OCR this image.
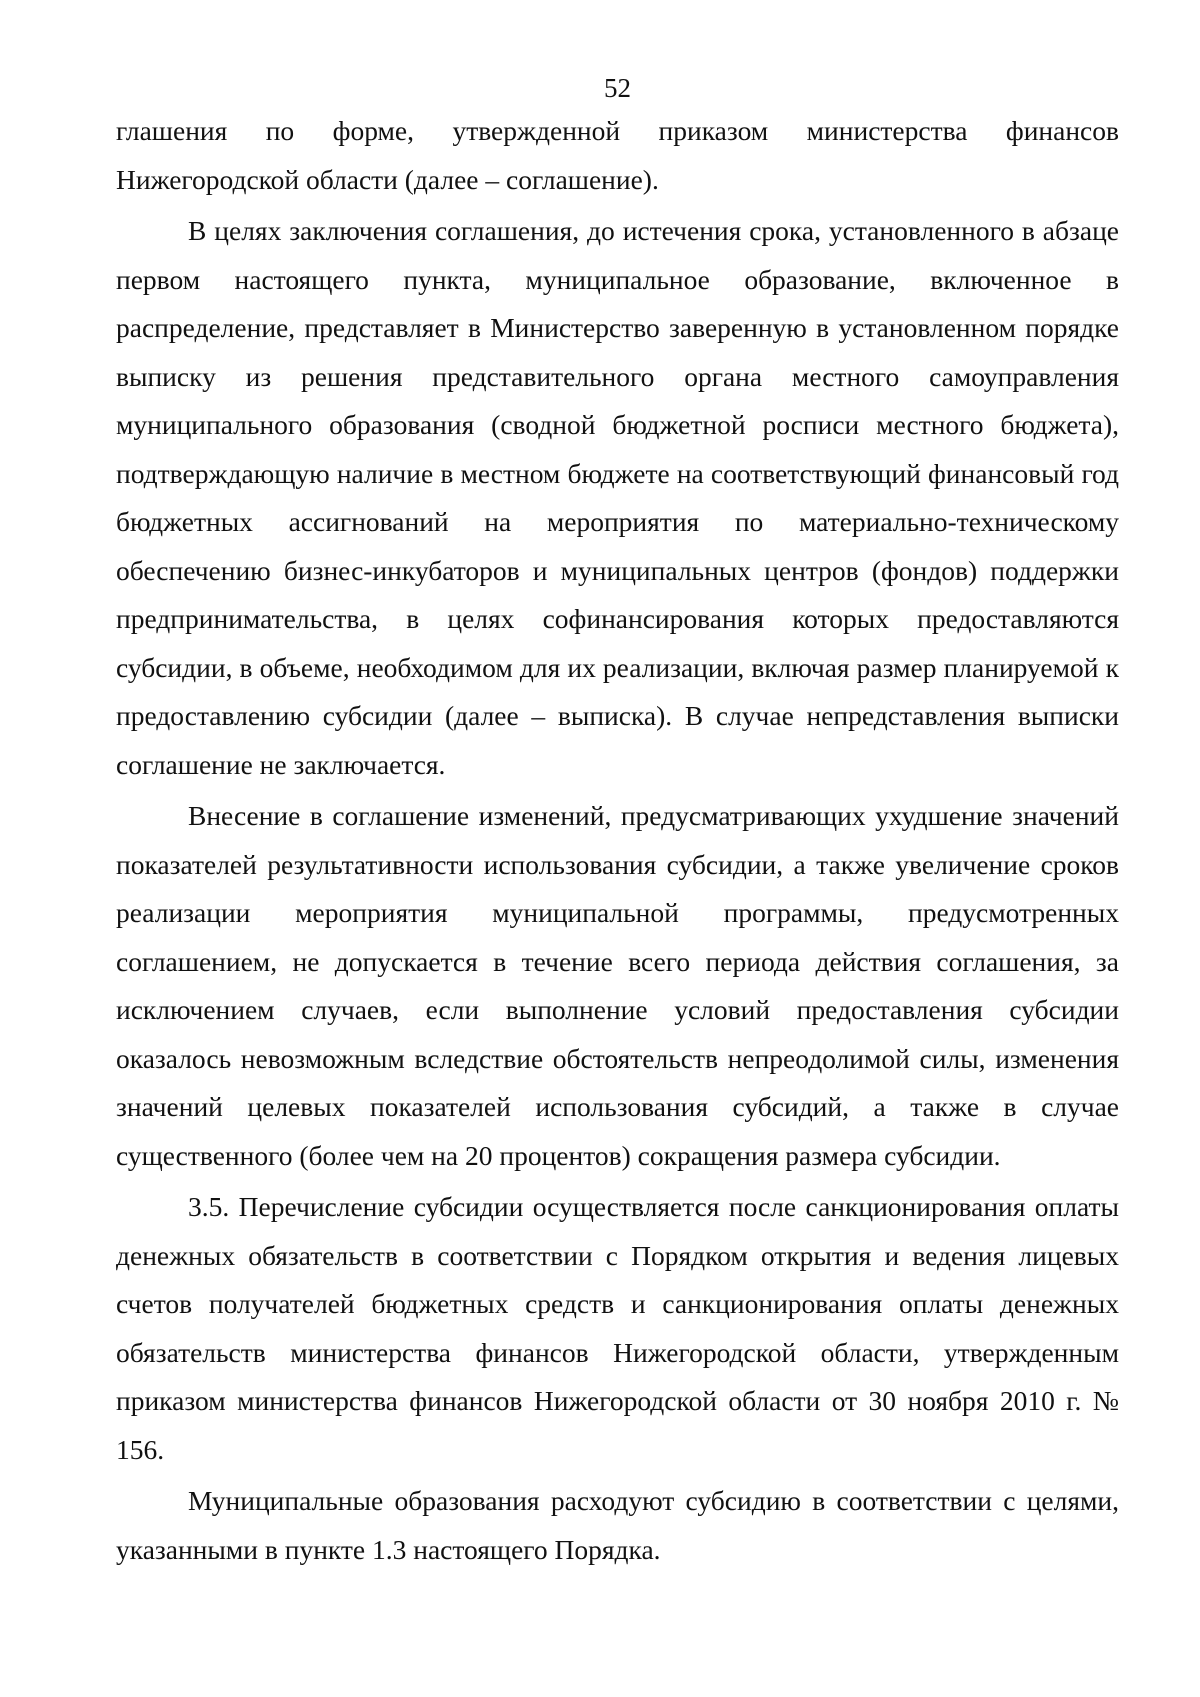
52

глашения по форме, утвержденной приказом министерства финансов Нижегородской области (далее – соглашение).

В целях заключения соглашения, до истечения срока, установленного в абзаце первом настоящего пункта, муниципальное образование, включенное в распределение, представляет в Министерство заверенную в установленном порядке выписку из решения представительного органа местного самоуправления муниципального образования (сводной бюджетной росписи местного бюджета), подтверждающую наличие в местном бюджете на соответствующий финансовый год бюджетных ассигнований на мероприятия по материально-техническому обеспечению бизнес-инкубаторов и муниципальных центров (фондов) поддержки предпринимательства, в целях софинансирования которых предоставляются субсидии, в объеме, необходимом для их реализации, включая размер планируемой к предоставлению субсидии (далее – выписка). В случае непредставления выписки соглашение не заключается.

Внесение в соглашение изменений, предусматривающих ухудшение значений показателей результативности использования субсидии, а также увеличение сроков реализации мероприятия муниципальной программы, предусмотренных соглашением, не допускается в течение всего периода действия соглашения, за исключением случаев, если выполнение условий предоставления субсидии оказалось невозможным вследствие обстоятельств непреодолимой силы, изменения значений целевых показателей использования субсидий, а также в случае существенного (более чем на 20 процентов) сокращения размера субсидии.

3.5. Перечисление субсидии осуществляется после санкционирования оплаты денежных обязательств в соответствии с Порядком открытия и ведения лицевых счетов получателей бюджетных средств и санкционирования оплаты денежных обязательств министерства финансов Нижегородской области, утвержденным приказом министерства финансов Нижегородской области от 30 ноября 2010 г. № 156.

Муниципальные образования расходуют субсидию в соответствии с целями, указанными в пункте 1.3 настоящего Порядка.
